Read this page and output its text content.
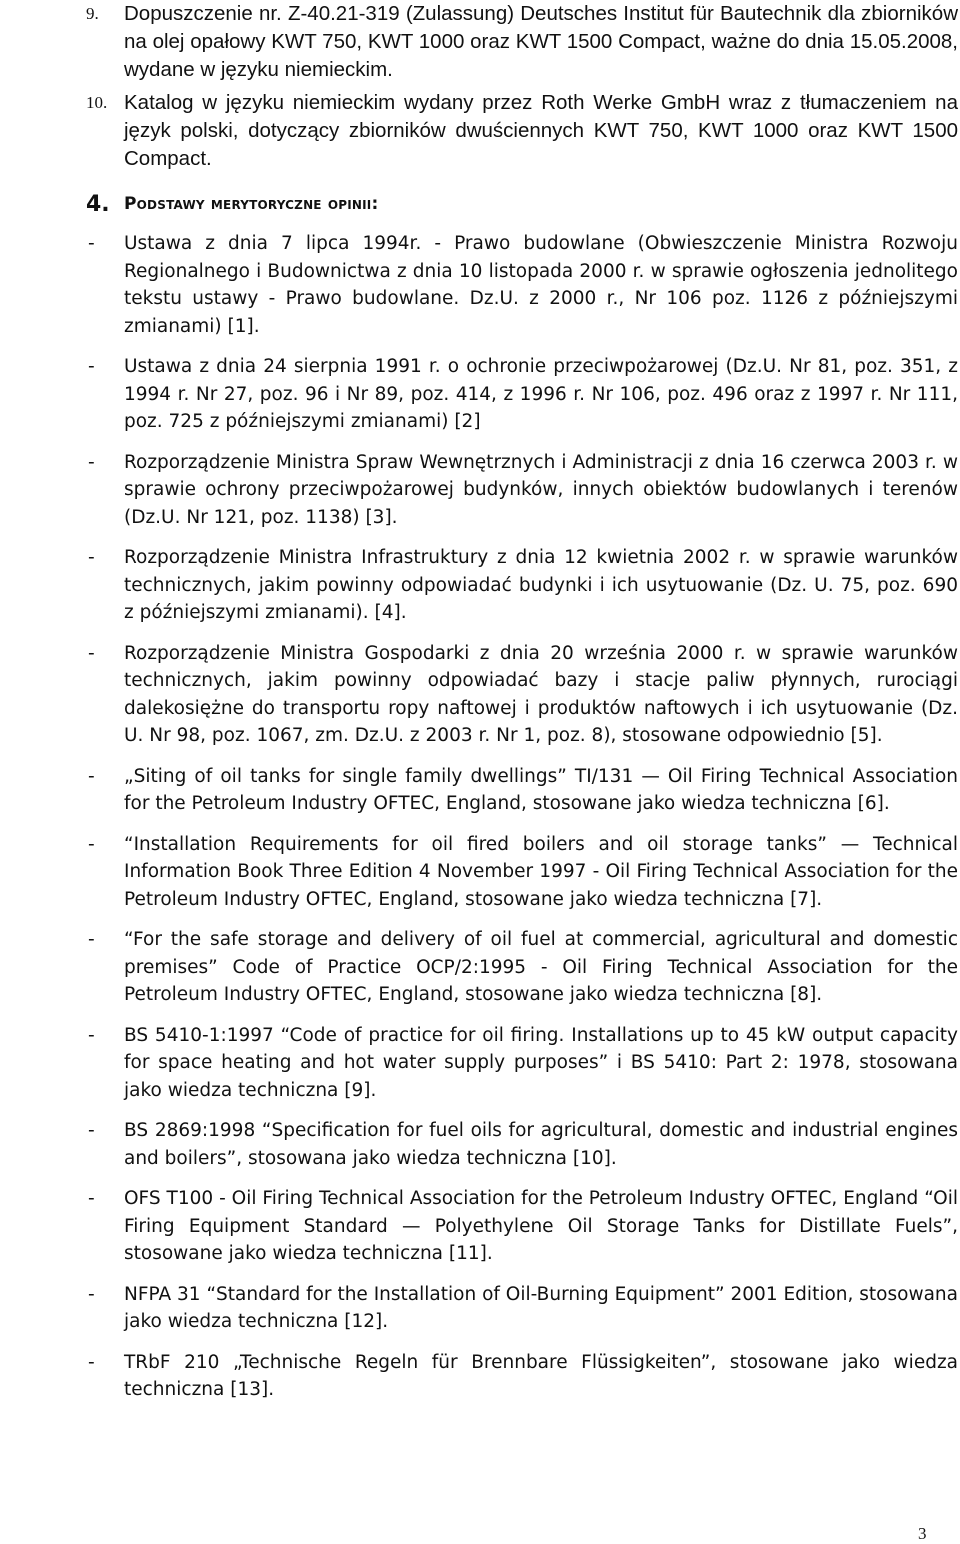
9. Dopuszczenie nr. Z-40.21-319 (Zulassung) Deutsches Institut für Bautechnik dla zbiorników na olej opałowy KWT 750, KWT 1000 oraz KWT 1500 Compact, ważne do dnia 15.05.2008, wydane w języku niemieckim.
10. Katalog w języku niemieckim wydany przez Roth Werke GmbH wraz z tłumaczeniem na język polski, dotyczący zbiorników dwuściennych KWT 750, KWT 1000 oraz KWT 1500 Compact.
4. Podstawy merytoryczne opinii:
- Ustawa z dnia 7 lipca 1994r. - Prawo budowlane (Obwieszczenie Ministra Rozwoju Regionalnego i Budownictwa z dnia 10 listopada 2000 r. w sprawie ogłoszenia jednolitego tekstu ustawy - Prawo budowlane. Dz.U. z 2000 r., Nr 106 poz. 1126 z późniejszymi zmianami) [1].
- Ustawa z dnia 24 sierpnia 1991 r. o ochronie przeciwpożarowej (Dz.U. Nr 81, poz. 351, z 1994 r. Nr 27, poz. 96 i Nr 89, poz. 414, z 1996 r. Nr 106, poz. 496 oraz z 1997 r. Nr 111, poz. 725 z późniejszymi zmianami) [2]
- Rozporządzenie Ministra Spraw Wewnętrznych i Administracji z dnia 16 czerwca 2003 r. w sprawie ochrony przeciwpożarowej budynków, innych obiektów budowlanych i terenów (Dz.U. Nr 121, poz. 1138) [3].
- Rozporządzenie Ministra Infrastruktury z dnia 12 kwietnia 2002 r. w sprawie warunków technicznych, jakim powinny odpowiadać budynki i ich usytuowanie (Dz. U. 75, poz. 690 z późniejszymi zmianami). [4].
- Rozporządzenie Ministra Gospodarki z dnia 20 września 2000 r. w sprawie warunków technicznych, jakim powinny odpowiadać bazy i stacje paliw płynnych, rurociągi dalekosiężne do transportu ropy naftowej i produktów naftowych i ich usytuowanie (Dz. U. Nr 98, poz. 1067, zm. Dz.U. z 2003 r. Nr 1, poz. 8), stosowane odpowiednio [5].
- „Siting of oil tanks for single family dwellings” TI/131 — Oil Firing Technical Association for the Petroleum Industry OFTEC, England, stosowane jako wiedza techniczna [6].
- “Installation Requirements for oil fired boilers and oil storage tanks” — Technical Information Book Three Edition 4 November 1997 - Oil Firing Technical Association for the Petroleum Industry OFTEC, England, stosowane jako wiedza techniczna [7].
- “For the safe storage and delivery of oil fuel at commercial, agricultural and domestic premises” Code of Practice OCP/2:1995 - Oil Firing Technical Association for the Petroleum Industry OFTEC, England, stosowane jako wiedza techniczna [8].
- BS 5410-1:1997 “Code of practice for oil firing. Installations up to 45 kW output capacity for space heating and hot water supply purposes” i BS 5410: Part 2: 1978, stosowana jako wiedza techniczna [9].
- BS 2869:1998 “Specification for fuel oils for agricultural, domestic and industrial engines and boilers”, stosowana jako wiedza techniczna [10].
- OFS T100 - Oil Firing Technical Association for the Petroleum Industry OFTEC, England “Oil Firing Equipment Standard — Polyethylene Oil Storage Tanks for Distillate Fuels”, stosowane jako wiedza techniczna [11].
- NFPA 31 “Standard for the Installation of Oil-Burning Equipment” 2001 Edition, stosowana jako wiedza techniczna [12].
- TRbF 210 „Technische Regeln für Brennbare Flüssigkeiten”, stosowane jako wiedza techniczna [13].
3
